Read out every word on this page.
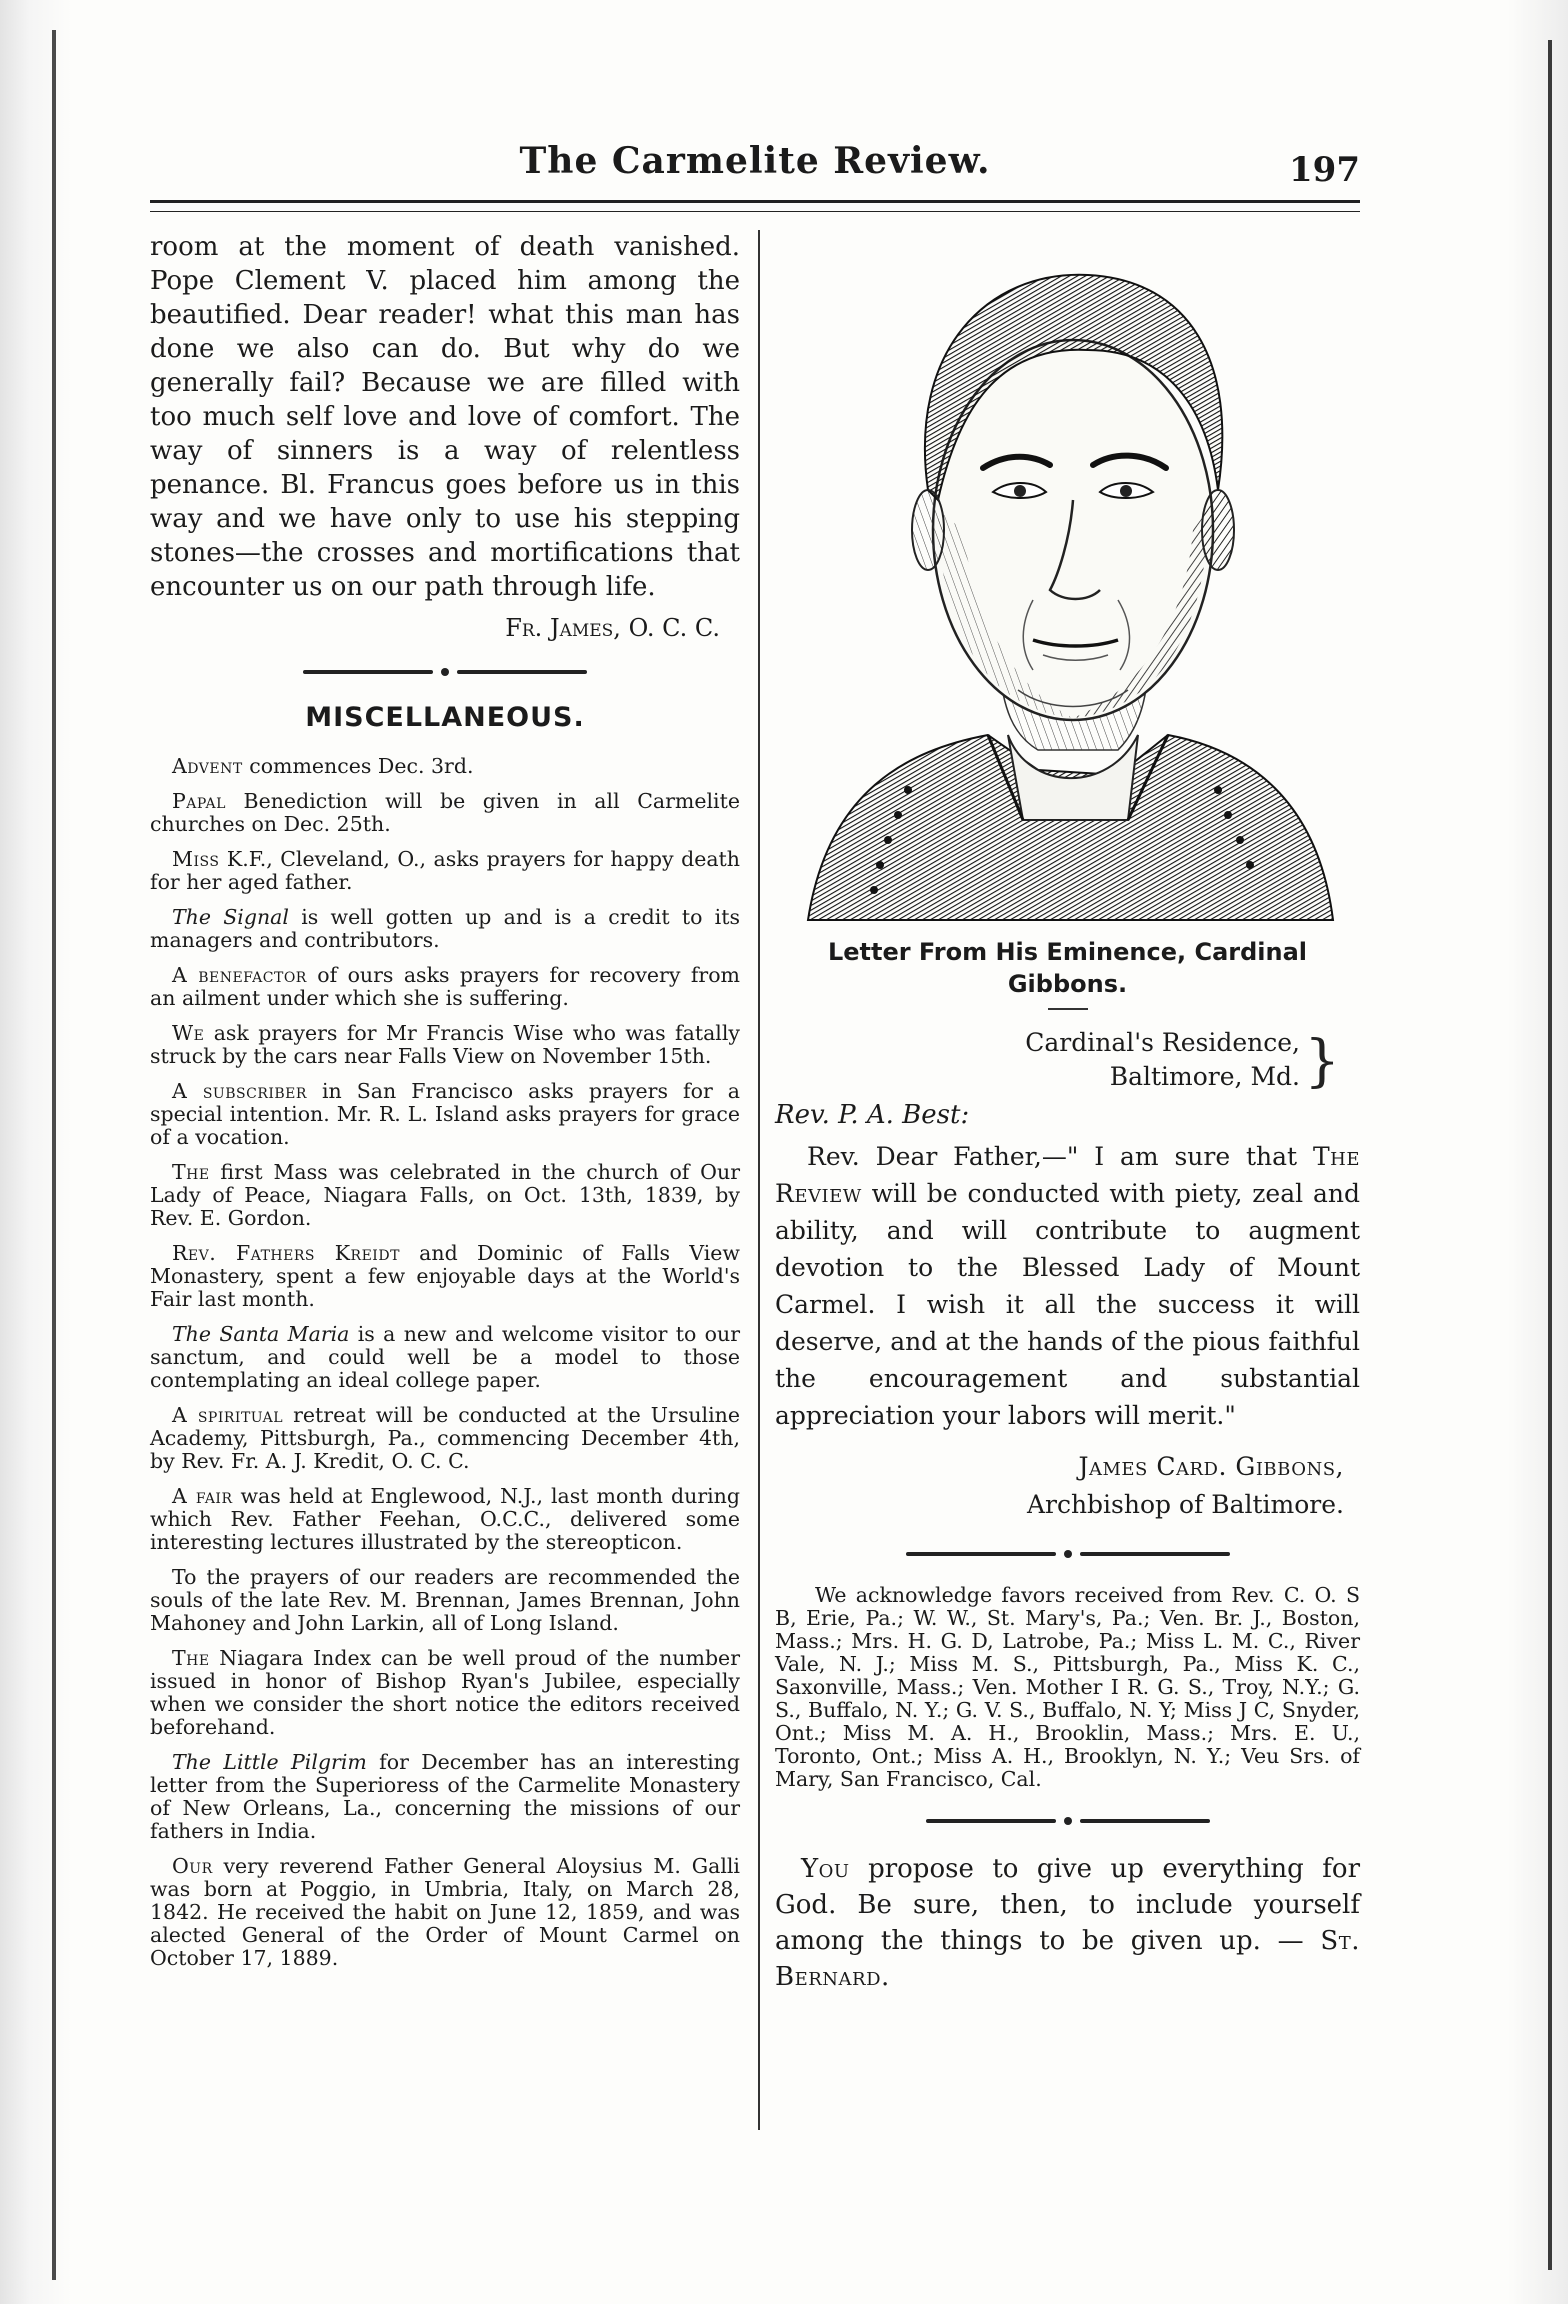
The Carmelite Review.	197

room at the moment of death vanished. Pope Clement V. placed him among the beautified. Dear reader! what this man has done we also can do. But why do we generally fail? Because we are filled with too much self love and love of comfort. The way of sinners is a way of relentless penance. Bl. Francus goes before us in this way and we have only to use his stepping stones—the crosses and mortifications that encounter us on our path through life.

Fr. James, O. C. C.

MISCELLANEOUS.

Advent commences Dec. 3rd.

Papal Benediction will be given in all Carmelite churches on Dec. 25th.

Miss K.F., Cleveland, O., asks prayers for happy death for her aged father.

The Signal is well gotten up and is a credit to its managers and contributors.

A benefactor of ours asks prayers for recovery from an ailment under which she is suffering.

We ask prayers for Mr Francis Wise who was fatally struck by the cars near Falls View on November 15th.

A subscriber in San Francisco asks prayers for a special intention. Mr. R. L. Island asks prayers for grace of a vocation.

The first Mass was celebrated in the church of Our Lady of Peace, Niagara Falls, on Oct. 13th, 1839, by Rev. E. Gordon.

Rev. Fathers Kreidt and Dominic of Falls View Monastery, spent a few enjoyable days at the World's Fair last month.

The Santa Maria is a new and welcome visitor to our sanctum, and could well be a model to those contemplating an ideal college paper.

A spiritual retreat will be conducted at the Ursuline Academy, Pittsburgh, Pa., commencing December 4th, by Rev. Fr. A. J. Kredit, O. C. C.

A fair was held at Englewood, N.J., last month during which Rev. Father Feehan, O.C.C., delivered some interesting lectures illustrated by the stereopticon.

To the prayers of our readers are recommended the souls of the late Rev. M. Brennan, James Brennan, John Mahoney and John Larkin, all of Long Island.

The Niagara Index can be well proud of the number issued in honor of Bishop Ryan's Jubilee, especially when we consider the short notice the editors received beforehand.

The Little Pilgrim for December has an interesting letter from the Superioress of the Carmelite Monastery of New Orleans, La., concerning the missions of our fathers in India.

Our very reverend Father General Aloysius M. Galli was born at Poggio, in Umbria, Italy, on March 28, 1842. He received the habit on June 12, 1859, and was alected General of the Order of Mount Carmel on October 17, 1889.

Letter From His Eminence, Cardinal Gibbons.
Cardinal's Residence,
Baltimore, Md. }

Rev. P. A. Best:

Rev. Dear Father,—" I am sure that The Review will be conducted with piety, zeal and ability, and will contribute to augment devotion to the Blessed Lady of Mount Carmel. I wish it all the success it will deserve, and at the hands of the pious faithful the encouragement and substantial appreciation your labors will merit."

James Card. Gibbons,
Archbishop of Baltimore.

We acknowledge favors received from Rev. C. O. S B, Erie, Pa.; W. W., St. Mary's, Pa.; Ven. Br. J., Boston, Mass.; Mrs. H. G. D, Latrobe, Pa.; Miss L. M. C., River Vale, N. J.; Miss M. S., Pittsburgh, Pa., Miss K. C., Saxonville, Mass.; Ven. Mother I R. G. S., Troy, N.Y.; G. S., Buffalo, N. Y.; G. V. S., Buffalo, N. Y; Miss J C, Snyder, Ont.; Miss M. A. H., Brooklin, Mass.; Mrs. E. U., Toronto, Ont.; Miss A. H., Brooklyn, N. Y.; Veu Srs. of Mary, San Francisco, Cal.

You propose to give up everything for God. Be sure, then, to include yourself among the things to be given up. — St. Bernard.
